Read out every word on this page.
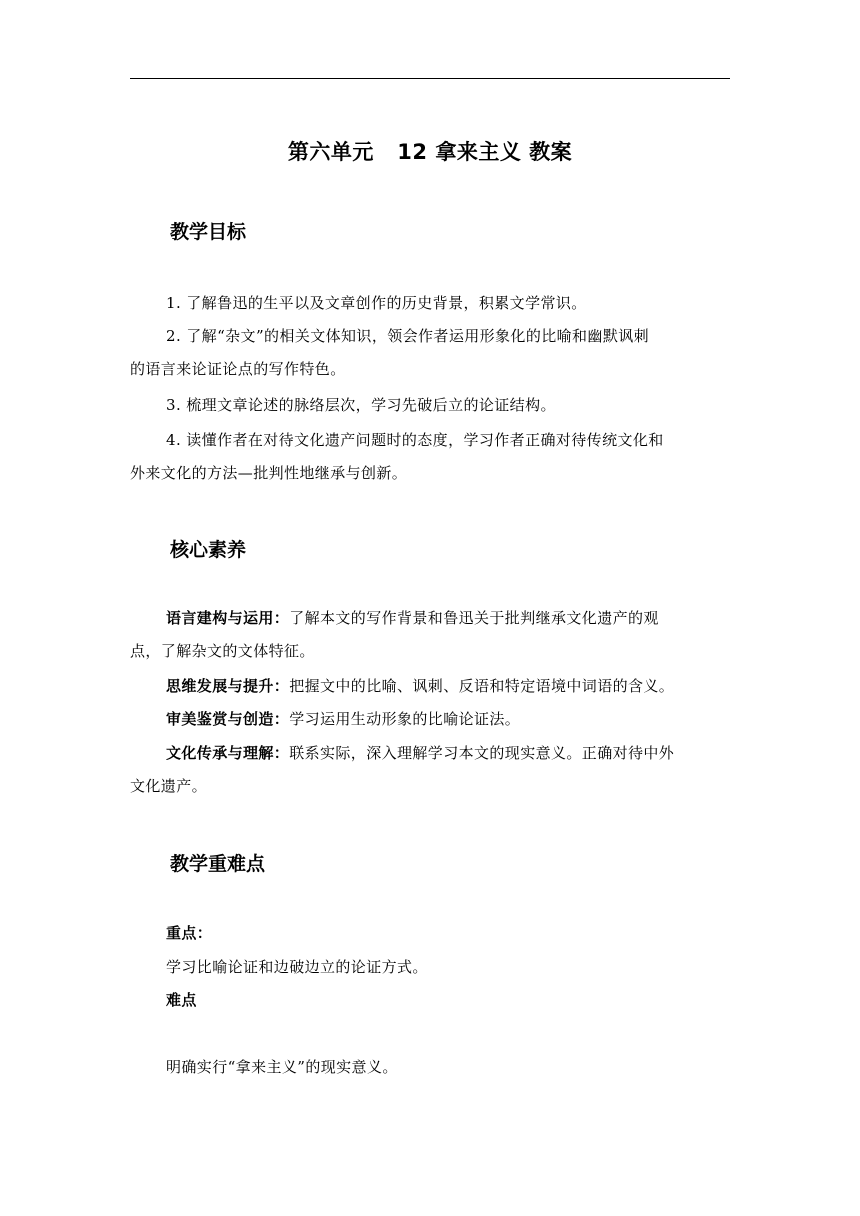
第六单元   12 拿来主义 教案
教学目标
1. 了解鲁迅的生平以及文章创作的历史背景，积累文学常识。
2. 了解“杂文”的相关文体知识，领会作者运用形象化的比喻和幽默讽刺
的语言来论证论点的写作特色。
3. 梳理文章论述的脉络层次，学习先破后立的论证结构。
4. 读懂作者在对待文化遗产问题时的态度，学习作者正确对待传统文化和
外来文化的方法—批判性地继承与创新。
核心素养
语言建构与运用：了解本文的写作背景和鲁迅关于批判继承文化遗产的观
点，了解杂文的文体特征。
思维发展与提升：把握文中的比喻、讽刺、反语和特定语境中词语的含义。
审美鉴赏与创造：学习运用生动形象的比喻论证法。
文化传承与理解：联系实际，深入理解学习本文的现实意义。正确对待中外
文化遗产。
教学重难点
重点：
学习比喻论证和边破边立的论证方式。
难点
明确实行“拿来主义”的现实意义。
